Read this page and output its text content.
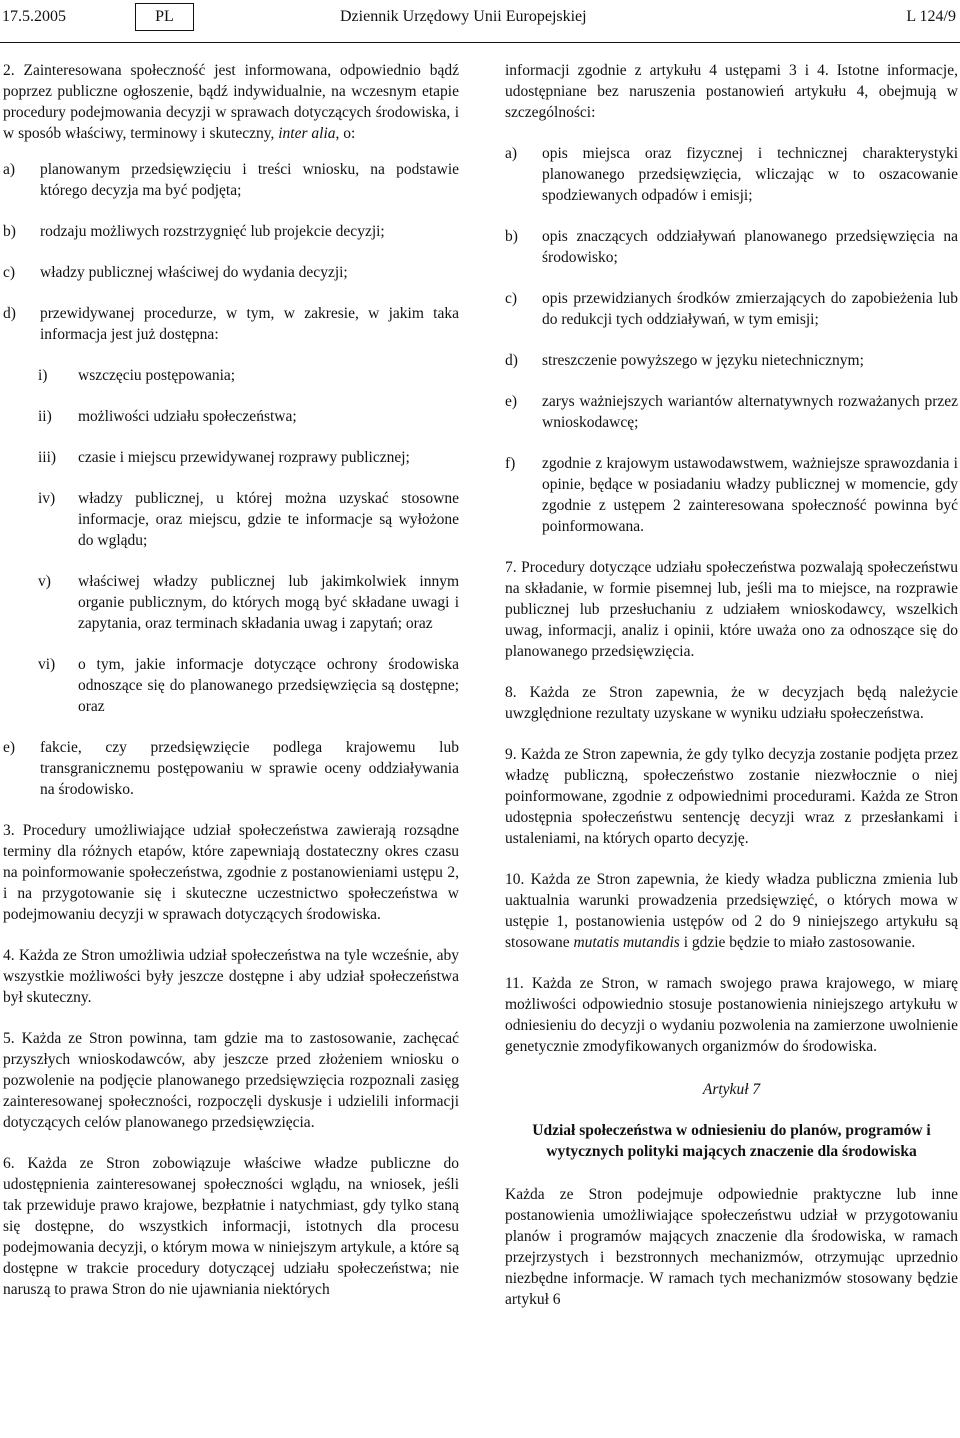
17.5.2005	PL	Dziennik Urzędowy Unii Europejskiej	L 124/9

2. Zainteresowana społeczność jest informowana, odpowiednio bądź poprzez publiczne ogłoszenie, bądź indywidualnie, na wczesnym etapie procedury podejmowania decyzji w sprawach dotyczących środowiska, i w sposób właściwy, terminowy i skuteczny, inter alia, o:

a)	planowanym przedsięwzięciu i treści wniosku, na podstawie którego decyzja ma być podjęta;
b)	rodzaju możliwych rozstrzygnięć lub projekcie decyzji;
c)	władzy publicznej właściwej do wydania decyzji;
d)	przewidywanej procedurze, w tym, w zakresie, w jakim taka informacja jest już dostępna:
i)	wszczęciu postępowania;
ii)	możliwości udziału społeczeństwa;
iii)	czasie i miejscu przewidywanej rozprawy publicznej;
iv)	władzy publicznej, u której można uzyskać stosowne informacje, oraz miejscu, gdzie te informacje są wyłożone do wglądu;
v)	właściwej władzy publicznej lub jakimkolwiek innym organie publicznym, do których mogą być składane uwagi i zapytania, oraz terminach składania uwag i zapytań; oraz
vi)	o tym, jakie informacje dotyczące ochrony środowiska odnoszące się do planowanego przedsięwzięcia są dostępne; oraz
e)	fakcie, czy przedsięwzięcie podlega krajowemu lub transgranicznemu postępowaniu w sprawie oceny oddziaływania na środowisko.

3. Procedury umożliwiające udział społeczeństwa zawierają rozsądne terminy dla różnych etapów, które zapewniają dostateczny okres czasu na poinformowanie społeczeństwa, zgodnie z postanowieniami ustępu 2, i na przygotowanie się i skuteczne uczestnictwo społeczeństwa w podejmowaniu decyzji w sprawach dotyczących środowiska.

4. Każda ze Stron umożliwia udział społeczeństwa na tyle wcześnie, aby wszystkie możliwości były jeszcze dostępne i aby udział społeczeństwa był skuteczny.

5. Każda ze Stron powinna, tam gdzie ma to zastosowanie, zachęcać przyszłych wnioskodawców, aby jeszcze przed złożeniem wniosku o pozwolenie na podjęcie planowanego przedsięwzięcia rozpoznali zasięg zainteresowanej społeczności, rozpoczęli dyskusje i udzielili informacji dotyczących celów planowanego przedsięwzięcia.

6. Każda ze Stron zobowiązuje właściwe władze publiczne do udostępnienia zainteresowanej społeczności wglądu, na wniosek, jeśli tak przewiduje prawo krajowe, bezpłatnie i natychmiast, gdy tylko staną się dostępne, do wszystkich informacji, istotnych dla procesu podejmowania decyzji, o którym mowa w niniejszym artykule, a które są dostępne w trakcie procedury dotyczącej udziału społeczeństwa; nie naruszą to prawa Stron do nie ujawniania niektórych

informacji zgodnie z artykułu 4 ustępami 3 i 4. Istotne informacje, udostępniane bez naruszenia postanowień artykułu 4, obejmują w szczególności:

a)	opis miejsca oraz fizycznej i technicznej charakterystyki planowanego przedsięwzięcia, wliczając w to oszacowanie spodziewanych odpadów i emisji;
b)	opis znaczących oddziaływań planowanego przedsięwzięcia na środowisko;
c)	opis przewidzianych środków zmierzających do zapobieżenia lub do redukcji tych oddziaływań, w tym emisji;
d)	streszczenie powyższego w języku nietechnicznym;
e)	zarys ważniejszych wariantów alternatywnych rozważanych przez wnioskodawcę;
f)	zgodnie z krajowym ustawodawstwem, ważniejsze sprawozdania i opinie, będące w posiadaniu władzy publicznej w momencie, gdy zgodnie z ustępem 2 zainteresowana społeczność powinna być poinformowana.

7. Procedury dotyczące udziału społeczeństwa pozwalają społeczeństwu na składanie, w formie pisemnej lub, jeśli ma to miejsce, na rozprawie publicznej lub przesłuchaniu z udziałem wnioskodawcy, wszelkich uwag, informacji, analiz i opinii, które uważa ono za odnoszące się do planowanego przedsięwzięcia.

8. Każda ze Stron zapewnia, że w decyzjach będą należycie uwzględnione rezultaty uzyskane w wyniku udziału społeczeństwa.

9. Każda ze Stron zapewnia, że gdy tylko decyzja zostanie podjęta przez władzę publiczną, społeczeństwo zostanie niezwłocznie o niej poinformowane, zgodnie z odpowiednimi procedurami. Każda ze Stron udostępnia społeczeństwu sentencję decyzji wraz z przesłankami i ustaleniami, na których oparto decyzję.

10. Każda ze Stron zapewnia, że kiedy władza publiczna zmienia lub uaktualnia warunki prowadzenia przedsięwzięć, o których mowa w ustępie 1, postanowienia ustępów od 2 do 9 niniejszego artykułu są stosowane mutatis mutandis i gdzie będzie to miało zastosowanie.

11. Każda ze Stron, w ramach swojego prawa krajowego, w miarę możliwości odpowiednio stosuje postanowienia niniejszego artykułu w odniesieniu do decyzji o wydaniu pozwolenia na zamierzone uwolnienie genetycznie zmodyfikowanych organizmów do środowiska.

Artykuł 7
Udział społeczeństwa w odniesieniu do planów, programów i wytycznych polityki mających znaczenie dla środowiska

Każda ze Stron podejmuje odpowiednie praktyczne lub inne postanowienia umożliwiające społeczeństwu udział w przygotowaniu planów i programów mających znaczenie dla środowiska, w ramach przejrzystych i bezstronnych mechanizmów, otrzymując uprzednio niezbędne informacje. W ramach tych mechanizmów stosowany będzie artykuł 6
